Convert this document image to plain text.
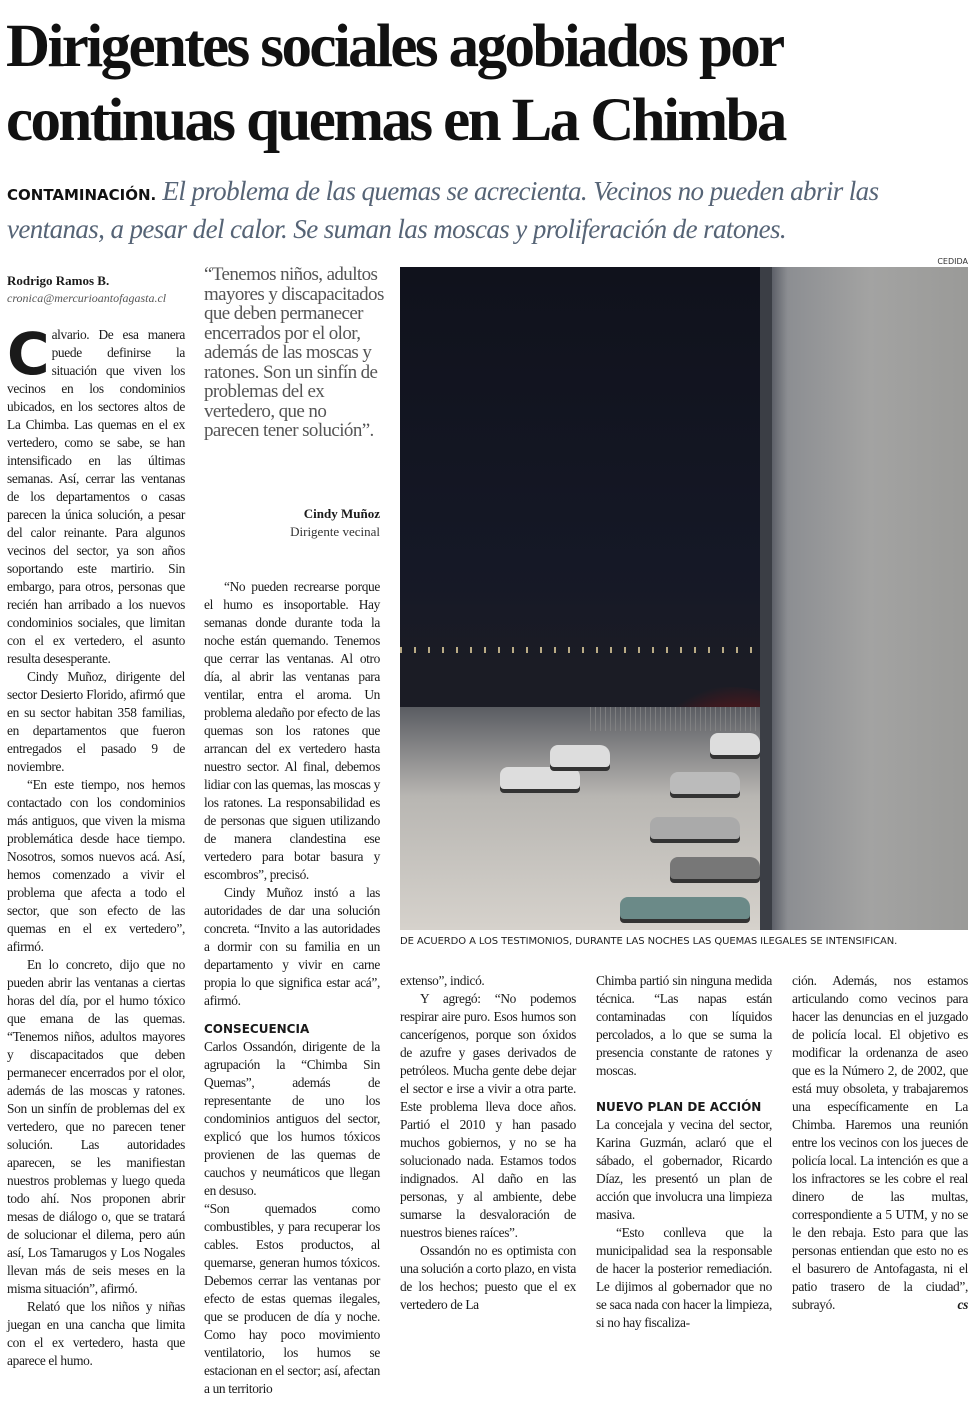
Dirigentes sociales agobiados por continuas quemas en La Chimba
CONTAMINACIÓN. El problema de las quemas se acrecienta. Vecinos no pueden abrir las ventanas, a pesar del calor. Se suman las moscas y proliferación de ratones.
Rodrigo Ramos B.
cronica@mercurioantofagasta.cl

Calvario. De esa manera puede definirse la situación que viven los vecinos en los condominios ubicados, en los sectores altos de La Chimba. Las quemas en el ex vertedero, como se sabe, se han intensificado en las últimas semanas. Así, cerrar las ventanas de los departamentos o casas parecen la única solución, a pesar del calor reinante. Para algunos vecinos del sector, ya son años soportando este martirio. Sin embargo, para otros, personas que recién han arribado a los nuevos condominios sociales, que limitan con el ex vertedero, el asunto resulta desesperante.

Cindy Muñoz, dirigente del sector Desierto Florido, afirmó que en su sector habitan 358 familias, en departamentos que fueron entregados el pasado 9 de noviembre.

“En este tiempo, nos hemos contactado con los condominios más antiguos, que viven la misma problemática desde hace tiempo. Nosotros, somos nuevos acá. Así, hemos comenzado a vivir el problema que afecta a todo el sector, que son efecto de las quemas en el ex vertedero”, afirmó.

En lo concreto, dijo que no pueden abrir las ventanas a ciertas horas del día, por el humo tóxico que emana de las quemas. “Tenemos niños, adultos mayores y discapacitados que deben permanecer encerrados por el olor, además de las moscas y ratones. Son un sinfín de problemas del ex vertedero, que no parecen tener solución. Las autoridades aparecen, se les manifiestan nuestros problemas y luego queda todo ahí. Nos proponen abrir mesas de diálogo o, que se tratará de solucionar el dilema, pero aún así, Los Tamarugos y Los Nogales llevan más de seis meses en la misma situación”, afirmó.

Relató que los niños y niñas juegan en una cancha que limita con el ex vertedero, hasta que aparece el humo.

“Tenemos niños, adultos mayores y discapacitados que deben permanecer encerrados por el olor, además de las moscas y ratones. Son un sinfín de problemas del ex vertedero, que no parecen tener solución”.
Cindy Muñoz
Dirigente vecinal

“No pueden recrearse porque el humo es insoportable. Hay semanas donde durante toda la noche están quemando. Tenemos que cerrar las ventanas. Al otro día, al abrir las ventanas para ventilar, entra el aroma. Un problema aledaño por efecto de las quemas son los ratones que arrancan del ex vertedero hasta nuestro sector. Al final, debemos lidiar con las quemas, las moscas y los ratones. La responsabilidad es de personas que siguen utilizando de manera clandestina ese vertedero para botar basura y escombros”, precisó.

Cindy Muñoz instó a las autoridades de dar una solución concreta. “Invito a las autoridades a dormir con su familia en un departamento y vivir en carne propia lo que significa estar acá”, afirmó.

CONSECUENCIA

Carlos Ossandón, dirigente de la agrupación la “Chimba Sin Quemas”, además de representante de uno los condominios antiguos del sector, explicó que los humos tóxicos provienen de las quemas de cauchos y neumáticos que llegan en desuso.

“Son quemados como combustibles, y para recuperar los cables. Estos productos, al quemarse, generan humos tóxicos. Debemos cerrar las ventanas por efecto de estas quemas ilegales, que se producen de día y noche. Como hay poco movimiento ventilatorio, los humos se estacionan en el sector; así, afectan a un territorio

CEDIDA
DE ACUERDO A LOS TESTIMONIOS, DURANTE LAS NOCHES LAS QUEMAS ILEGALES SE INTENSIFICAN.

extenso”, indicó.

Y agregó: “No podemos respirar aire puro. Esos humos son cancerígenos, porque son óxidos de azufre y gases derivados de petróleos. Mucha gente debe dejar el sector e irse a vivir a otra parte. Este problema lleva doce años. Partió el 2010 y han pasado muchos gobiernos, y no se ha solucionado nada. Estamos todos indignados. Al daño en las personas, y al ambiente, debe sumarse la desvaloración de nuestros bienes raíces”.

Ossandón no es optimista con una solución a corto plazo, en vista de los hechos; puesto que el ex vertedero de La

Chimba partió sin ninguna medida técnica. “Las napas están contaminadas con líquidos percolados, a lo que se suma la presencia constante de ratones y moscas.

NUEVO PLAN DE ACCIÓN

La concejala y vecina del sector, Karina Guzmán, aclaró que el sábado, el gobernador, Ricardo Díaz, les presentó un plan de acción que involucra una limpieza masiva.

“Esto conlleva que la municipalidad sea la responsable de hacer la posterior remediación. Le dijimos al gobernador que no se saca nada con hacer la limpieza, si no hay fiscaliza-

ción. Además, nos estamos articulando como vecinos para hacer las denuncias en el juzgado de policía local. El objetivo es modificar la ordenanza de aseo que es la Número 2, de 2002, que está muy obsoleta, y trabajaremos una específicamente en La Chimba. Haremos una reunión entre los vecinos con los jueces de policía local. La intención es que a los infractores se les cobre el real dinero de las multas, correspondiente a 5 UTM, y no se le den rebaja. Esto para que las personas entiendan que esto no es el basurero de Antofagasta, ni el patio trasero de la ciudad”, subrayó.	cs
